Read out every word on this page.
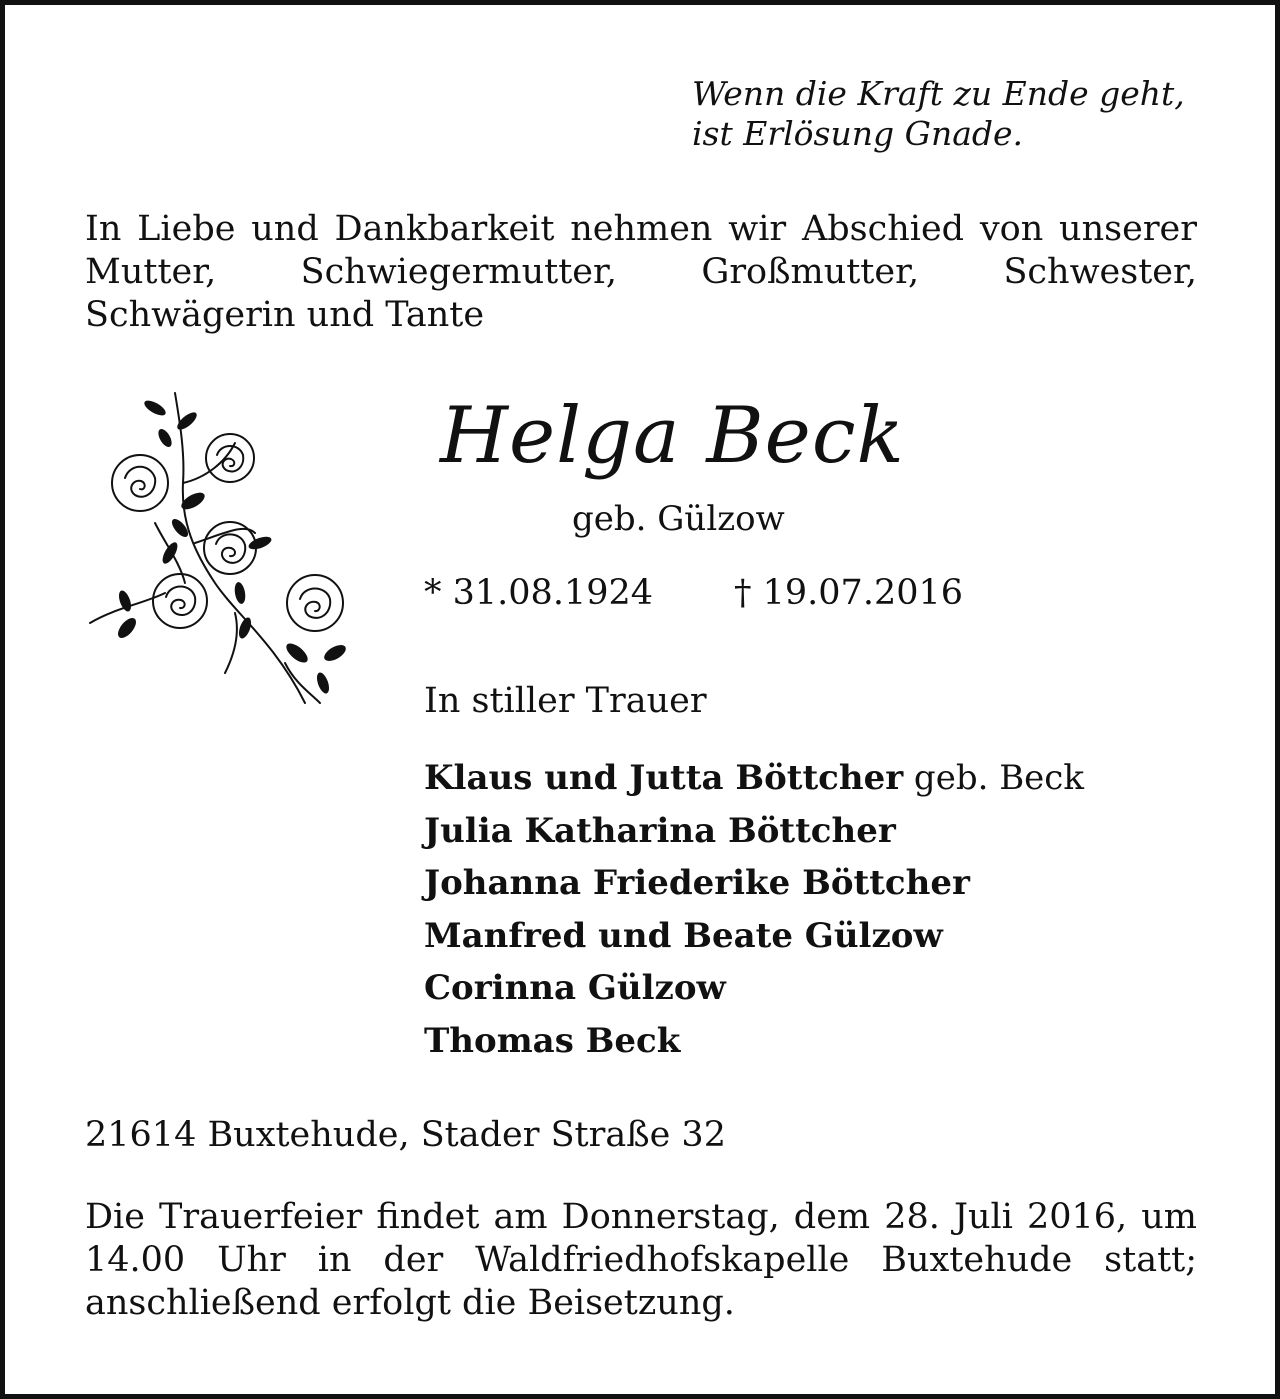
Wenn die Kraft zu Ende geht,
ist Erlösung Gnade.
In Liebe und Dankbarkeit nehmen wir Abschied von unserer Mutter, Schwiegermutter, Großmutter, Schwester, Schwägerin und Tante
Helga Beck
geb. Gülzow
* 31.08.1924 † 19.07.2016
In stiller Trauer
Klaus und Jutta Böttcher geb. Beck
Julia Katharina Böttcher
Johanna Friederike Böttcher
Manfred und Beate Gülzow
Corinna Gülzow
Thomas Beck
21614 Buxtehude, Stader Straße 32
Die Trauerfeier findet am Donnerstag, dem 28. Juli 2016, um 14.00 Uhr in der Waldfriedhofskapelle Buxtehude statt; anschließend erfolgt die Beisetzung.
